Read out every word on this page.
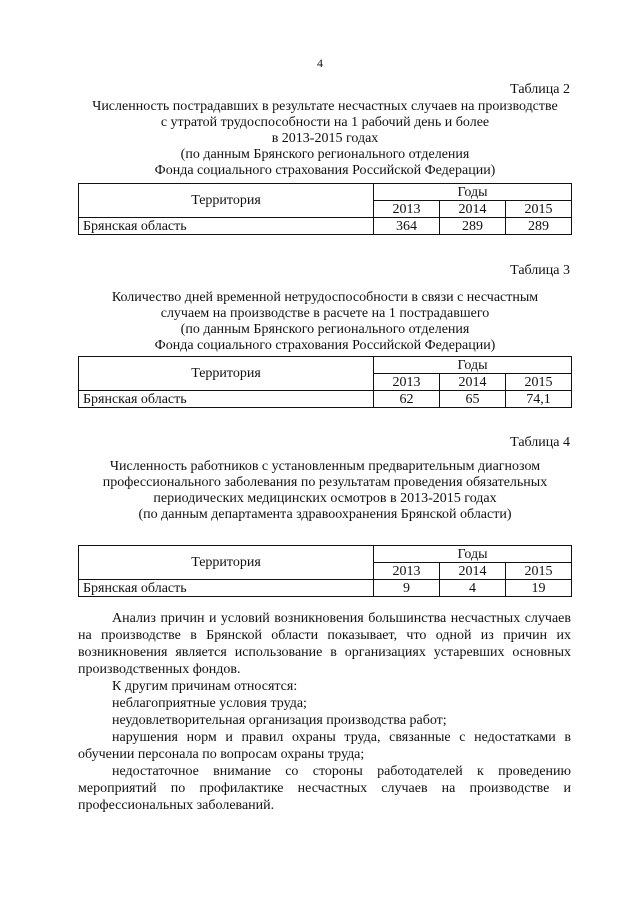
4
Таблица 2
Численность пострадавших в результате несчастных случаев на производстве
с утратой трудоспособности на 1 рабочий день и более
в 2013-2015 годах
(по данным Брянского регионального отделения
Фонда социального страхования Российской Федерации)
Территория	Годы		
	2013	2014	2015
Брянская область	364	289	289
Таблица 3
Количество дней временной нетрудоспособности в связи с несчастным
случаем на производстве в расчете на 1 пострадавшего
(по данным Брянского регионального отделения
Фонда социального страхования Российской Федерации)
Территория	Годы		
	2013	2014	2015
Брянская область	62	65	74,1
Таблица 4
Численность работников с установленным предварительным диагнозом
профессионального заболевания по результатам проведения обязательных
периодических медицинских осмотров в 2013-2015 годах
(по данным департамента здравоохранения Брянской области)
Территория	Годы		
	2013	2014	2015
Брянская область	9	4	19

Анализ причин и условий возникновения большинства несчастных случаев на производстве в Брянской области показывает, что одной из причин их возникновения является использование в организациях устаревших основных производственных фондов.

К другим причинам относятся:

неблагоприятные условия труда;

неудовлетворительная организация производства работ;

нарушения норм и правил охраны труда, связанные с недостатками в обучении персонала по вопросам охраны труда;

недостаточное внимание со стороны работодателей к проведению мероприятий по профилактике несчастных случаев на производстве и профессиональных заболеваний.
